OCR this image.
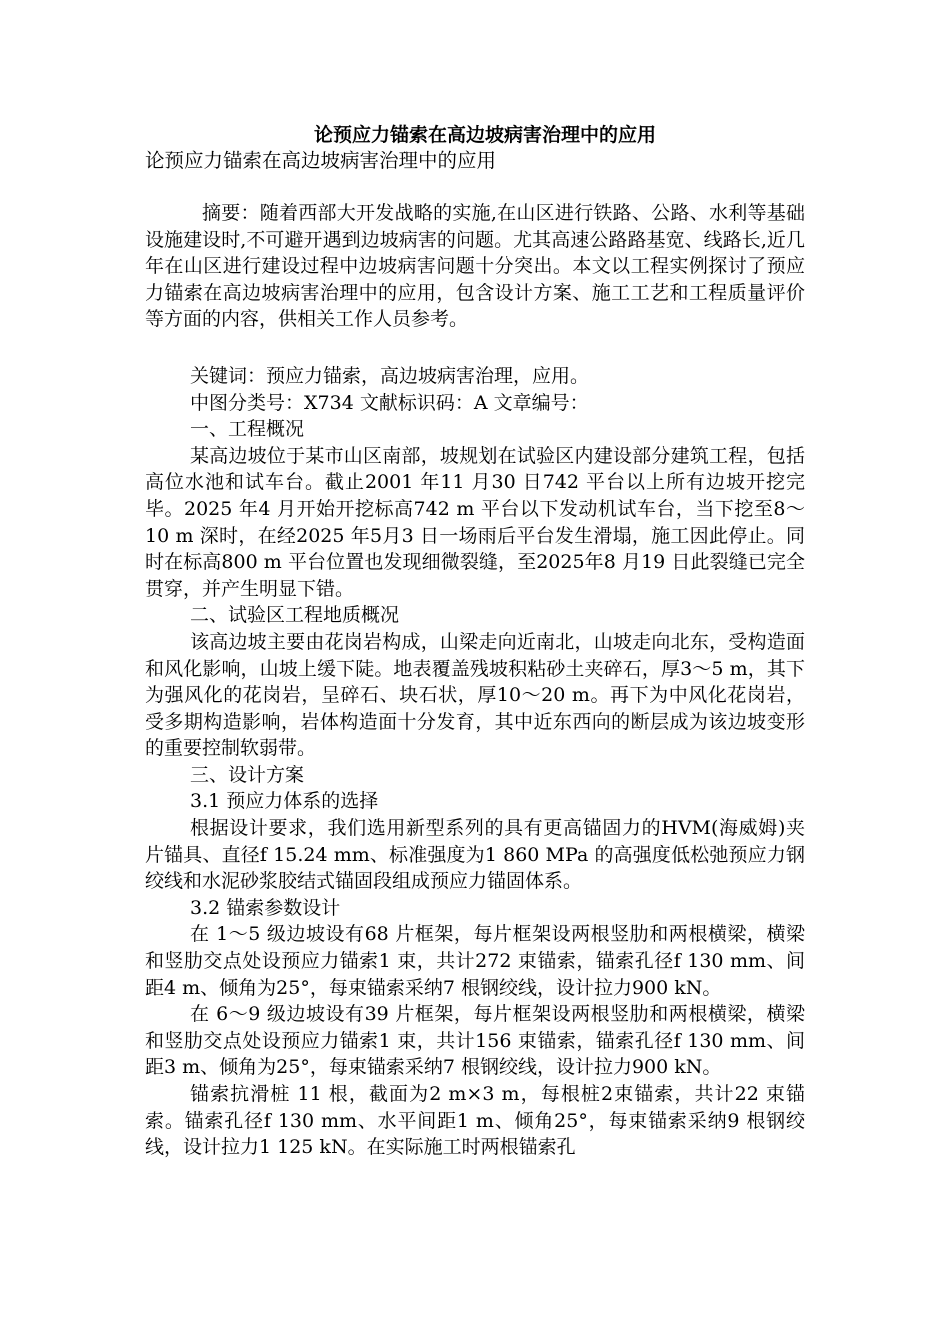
论预应力锚索在高边坡病害治理中的应用

论预应力锚索在高边坡病害治理中的应用

摘要：随着西部大开发战略的实施,在山区进行铁路、公路、水利等基础设施建设时,不可避开遇到边坡病害的问题。尤其高速公路路基宽、线路长,近几年在山区进行建设过程中边坡病害问题十分突出。本文以工程实例探讨了预应力锚索在高边坡病害治理中的应用，包含设计方案、施工工艺和工程质量评价等方面的内容，供相关工作人员参考。

关键词：预应力锚索，高边坡病害治理，应用。

中图分类号：X734 文献标识码：A 文章编号：

一、工程概况

某高边坡位于某市山区南部，坡规划在试验区内建设部分建筑工程，包括高位水池和试车台。截止2001 年11 月30 日742 平台以上所有边坡开挖完毕。2025 年4 月开始开挖标高742 m 平台以下发动机试车台，当下挖至8～10 m 深时，在经2025 年5月3 日一场雨后平台发生滑塌，施工因此停止。同时在标高800 m 平台位置也发现细微裂缝，至2025年8 月19 日此裂缝已完全贯穿，并产生明显下错。

二、试验区工程地质概况

该高边坡主要由花岗岩构成，山梁走向近南北，山坡走向北东，受构造面和风化影响，山坡上缓下陡。地表覆盖残坡积粘砂土夹碎石，厚3～5 m，其下为强风化的花岗岩，呈碎石、块石状，厚10～20 m。再下为中风化花岗岩，受多期构造影响，岩体构造面十分发育，其中近东西向的断层成为该边坡变形的重要控制软弱带。

三、设计方案

3.1 预应力体系的选择

根据设计要求，我们选用新型系列的具有更高锚固力的HVM(海威姆)夹片锚具、直径f 15.24 mm、标准强度为1 860 MPa 的高强度低松弛预应力钢绞线和水泥砂浆胶结式锚固段组成预应力锚固体系。

3.2 锚索参数设计

在 1～5 级边坡设有68 片框架，每片框架设两根竖肋和两根横梁，横梁和竖肋交点处设预应力锚索1 束，共计272 束锚索，锚索孔径f 130 mm、间距4 m、倾角为25°，每束锚索采纳7 根钢绞线，设计拉力900 kN。

在 6～9 级边坡设有39 片框架，每片框架设两根竖肋和两根横梁，横梁和竖肋交点处设预应力锚索1 束，共计156 束锚索，锚索孔径f 130 mm、间距3 m、倾角为25°，每束锚索采纳7 根钢绞线，设计拉力900 kN。

锚索抗滑桩 11 根，截面为2 m×3 m，每根桩2束锚索，共计22 束锚索。锚索孔径f 130 mm、水平间距1 m、倾角25°，每束锚索采纳9 根钢绞线，设计拉力1 125 kN。在实际施工时两根锚索孔
